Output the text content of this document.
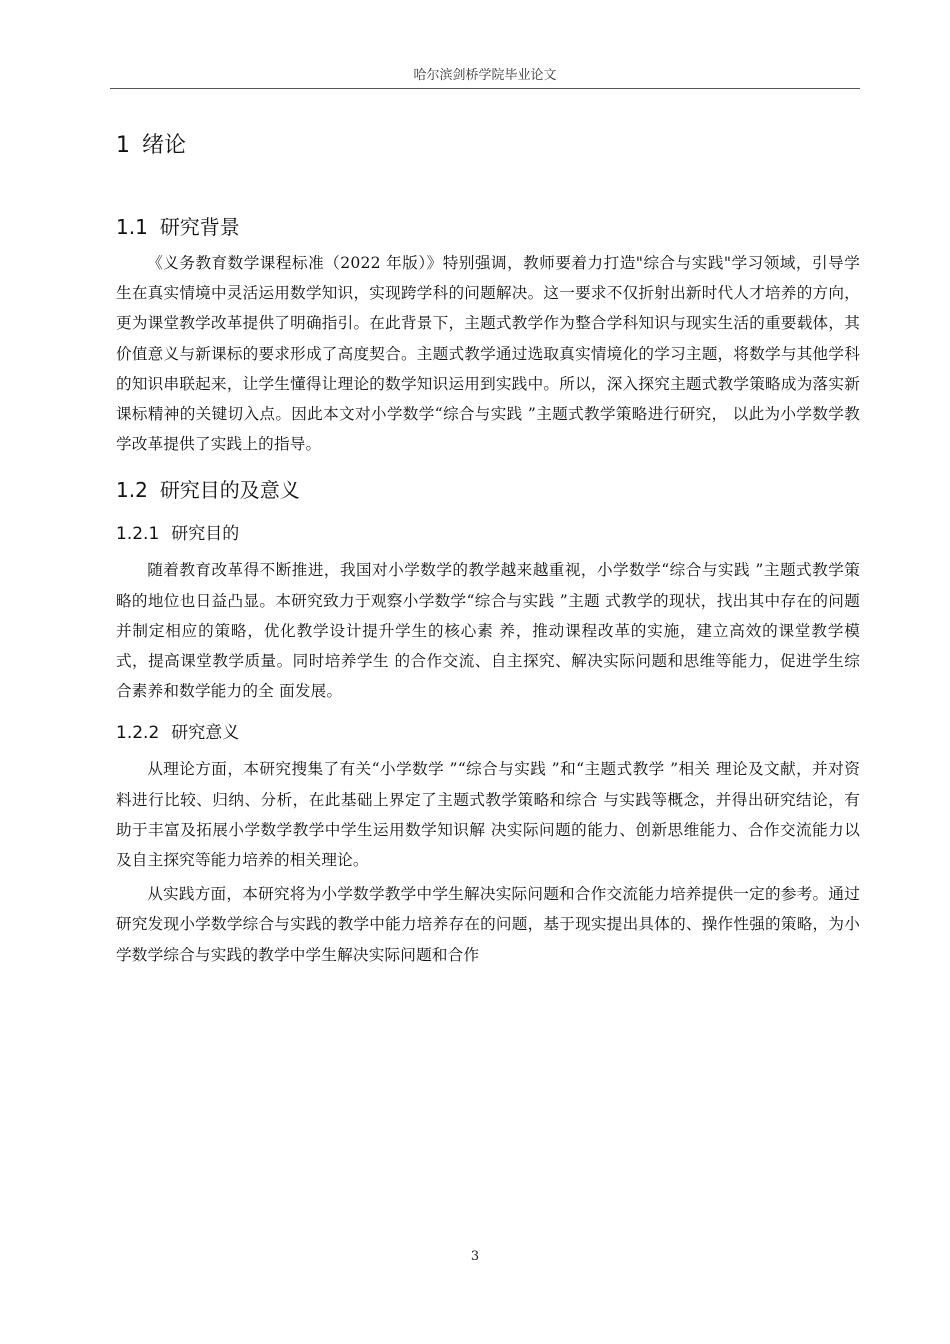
哈尔滨剑桥学院毕业论文
1 绪论
1.1 研究背景

《义务教育数学课程标准（2022 年版）》特别强调，教师要着力打造"综合与实践"学习领域，引导学生在真实情境中灵活运用数学知识，实现跨学科的问题解决。这一要求不仅折射出新时代人才培养的方向，更为课堂教学改革提供了明确指引。在此背景下，主题式教学作为整合学科知识与现实生活的重要载体，其价值意义与新课标的要求形成了高度契合。主题式教学通过选取真实情境化的学习主题，将数学与其他学科的知识串联起来，让学生懂得让理论的数学知识运用到实践中。所以，深入探究主题式教学策略成为落实新课标精神的关键切入点。因此本文对小学数学“综合与实践 ”主题式教学策略进行研究， 以此为小学数学教学改革提供了实践上的指导。

1.2 研究目的及意义
1.2.1 研究目的

随着教育改革得不断推进，我国对小学数学的教学越来越重视，小学数学“综合与实践 ”主题式教学策略的地位也日益凸显。本研究致力于观察小学数学“综合与实践 ”主题 式教学的现状，找出其中存在的问题并制定相应的策略，优化教学设计提升学生的核心素 养，推动课程改革的实施，建立高效的课堂教学模式，提高课堂教学质量。同时培养学生 的合作交流、自主探究、解决实际问题和思维等能力，促进学生综合素养和数学能力的全 面发展。

1.2.2 研究意义

从理论方面，本研究搜集了有关“小学数学 ”“综合与实践 ”和“主题式教学 ”相关 理论及文献，并对资料进行比较、归纳、分析，在此基础上界定了主题式教学策略和综合 与实践等概念，并得出研究结论，有助于丰富及拓展小学数学教学中学生运用数学知识解 决实际问题的能力、创新思维能力、合作交流能力以及自主探究等能力培养的相关理论。

从实践方面，本研究将为小学数学教学中学生解决实际问题和合作交流能力培养提供一定的参考。通过研究发现小学数学综合与实践的教学中能力培养存在的问题，基于现实提出具体的、操作性强的策略，为小学数学综合与实践的教学中学生解决实际问题和合作

3
